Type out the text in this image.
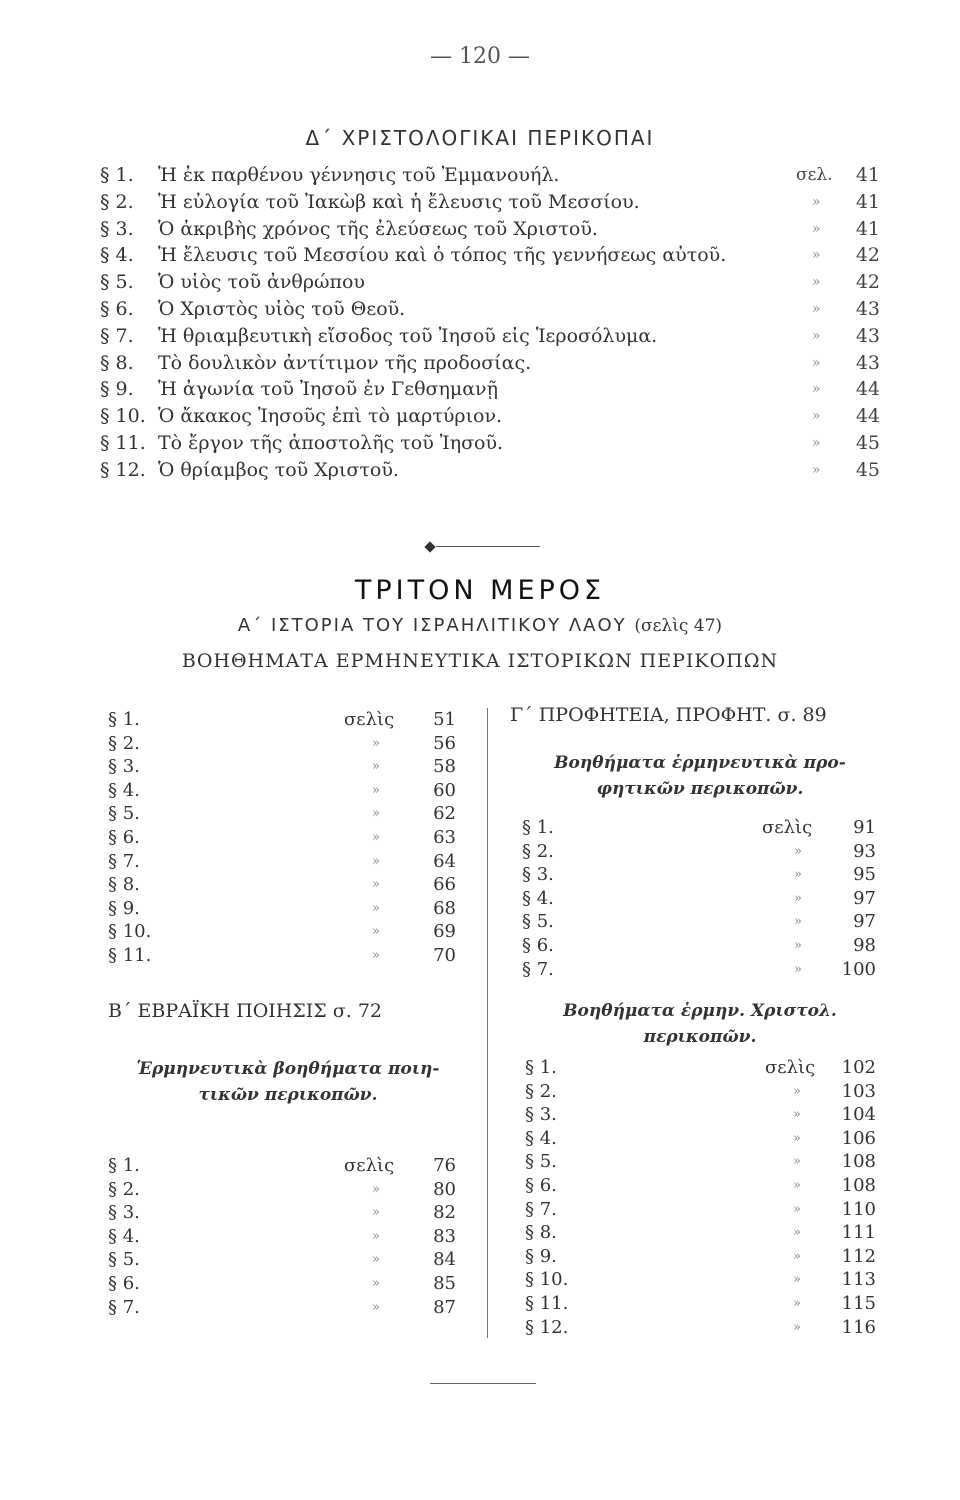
— 120 —
Δ΄ ΧΡΙΣΤΟΛΟΓΙΚΑΙ ΠΕΡΙΚΟΠΑΙ
§ 1. Ἡ ἐκ παρθένου γέννησις τοῦ Ἐμμανουήλ.	σελ. 41
§ 2. Ἡ εὐλογία τοῦ Ἰακὼβ καὶ ἡ ἔλευσις τοῦ Μεσσίου.	» 41
§ 3. Ὁ ἀκριβὴς χρόνος τῆς ἐλεύσεως τοῦ Χριστοῦ.	» 41
§ 4. Ἡ ἔλευσις τοῦ Μεσσίου καὶ ὁ τόπος τῆς γεννήσεως αὐτοῦ.	» 42
§ 5. Ὁ υἱὸς τοῦ ἀνθρώπου	» 42
§ 6. Ὁ Χριστὸς υἱὸς τοῦ Θεοῦ.	» 43
§ 7. Ἡ θριαμβευτικὴ εἴσοδος τοῦ Ἰησοῦ εἰς Ἱεροσόλυμα.	» 43
§ 8. Τὸ δουλικὸν ἀντίτιμον τῆς προδοσίας.	» 43
§ 9. Ἡ ἀγωνία τοῦ Ἰησοῦ ἐν Γεθσημανῇ	» 44
§ 10. Ὁ ἄκακος Ἰησοῦς ἐπὶ τὸ μαρτύριον.	» 44
§ 11. Τὸ ἔργον τῆς ἀποστολῆς τοῦ Ἰησοῦ.	» 45
§ 12. Ὁ θρίαμβος τοῦ Χριστοῦ.	» 45
ΤΡΙΤΟΝ ΜΕΡΟΣ
Α΄ ΙΣΤΟΡΙΑ ΤΟΥ ΙΣΡΑΗΛΙΤΙΚΟΥ ΛΑΟΥ (σελὶς 47)
ΒΟΗΘΗΜΑΤΑ ΕΡΜΗΝΕΥΤΙΚΑ ΙΣΤΟΡΙΚΩΝ ΠΕΡΙΚΟΠΩΝ
§ 1.	σελὶς 51
§ 2.	»	56
§ 3.	»	58
§ 4.	»	60
§ 5.	»	62
§ 6.	»	63
§ 7.	»	64
§ 8.	»	66
§ 9.	»	68
§ 10.	»	69
§ 11.	»	70
Β΄ ΕΒΡΑΪΚΗ ΠΟΙΗΣΙΣ σ. 72
Ἑρμηνευτικὰ βοηθήματα ποιη-
τικῶν περικοπῶν.
§ 1.	σελὶς 76
§ 2.	»	80
§ 3.	»	82
§ 4.	»	83
§ 5.	»	84
§ 6.	»	85
§ 7.	»	87
Γ΄ ΠΡΟΦΗΤΕΙΑ, ΠΡΟΦΗΤ. σ. 89
Βοηθήματα ἑρμηνευτικὰ προ-
φητικῶν περικοπῶν.
§ 1.	σελὶς 91
§ 2.	»	93
§ 3.	»	95
§ 4.	»	97
§ 5.	»	97
§ 6.	»	98
§ 7.	» 100
Βοηθήματα ἑρμην. Χριστολ.
περικοπῶν.
§ 1.	σελὶς 102
§ 2.	» 103
§ 3.	» 104
§ 4.	» 106
§ 5.	» 108
§ 6.	» 108
§ 7.	» 110
§ 8.	» 111
§ 9.	» 112
§ 10.	» 113
§ 11.	» 115
§ 12.	» 116
